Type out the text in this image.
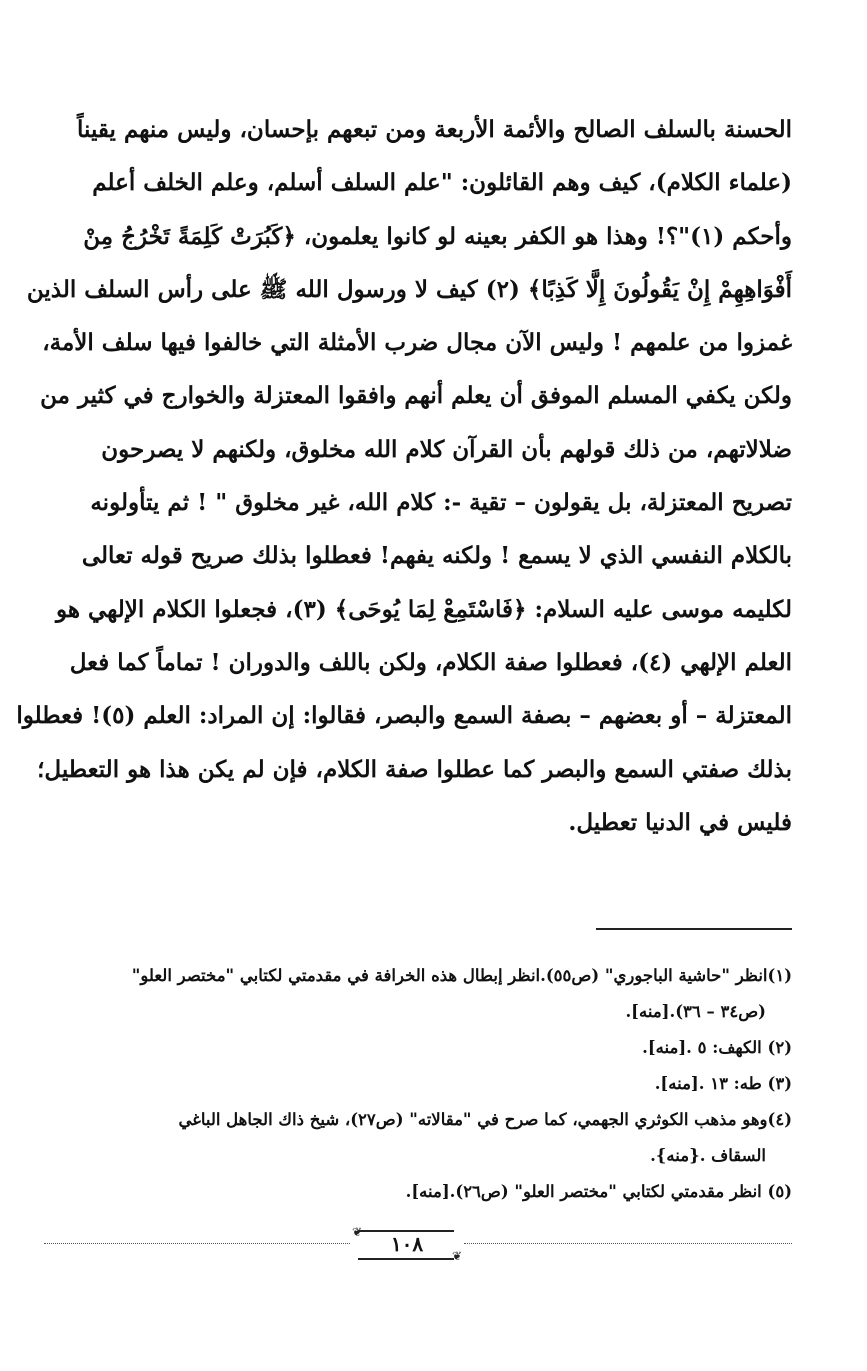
الحسنة بالسلف الصالح والأئمة الأربعة ومن تبعهم بإحسان، وليس منهم يقيناً
(علماء الكلام)، كيف وهم القائلون: "علم السلف أسلم، وعلم الخلف أعلم
وأحكم (١)"؟! وهذا هو الكفر بعينه لو كانوا يعلمون، ﴿كَبُرَتْ كَلِمَةً تَخْرُجُ مِنْ
أَفْوَاهِهِمْ إِنْ يَقُولُونَ إِلَّا كَذِبًا﴾ (٢) كيف لا ورسول الله ﷺ على رأس السلف الذين
غمزوا من علمهم ! وليس الآن مجال ضرب الأمثلة التي خالفوا فيها سلف الأمة،
ولكن يكفي المسلم الموفق أن يعلم أنهم وافقوا المعتزلة والخوارج في كثير من
ضلالاتهم، من ذلك قولهم بأن القرآن كلام الله مخلوق، ولكنهم لا يصرحون
تصريح المعتزلة، بل يقولون – تقية -: كلام الله، غير مخلوق " ! ثم يتأولونه
بالكلام النفسي الذي لا يسمع ! ولكنه يفهم! فعطلوا بذلك صريح قوله تعالى
لكليمه موسى عليه السلام: ﴿فَاسْتَمِعْ لِمَا يُوحَى﴾ (٣)، فجعلوا الكلام الإلهي هو
العلم الإلهي (٤)، فعطلوا صفة الكلام، ولكن باللف والدوران ! تماماً كما فعل
المعتزلة – أو بعضهم – بصفة السمع والبصر، فقالوا: إن المراد: العلم (٥)! فعطلوا
بذلك صفتي السمع والبصر كما عطلوا صفة الكلام، فإن لم يكن هذا هو التعطيل؛
فليس في الدنيا تعطيل.
(١)انظر "حاشية الباجوري" (ص٥٥).انظر إبطال هذه الخرافة في مقدمتي لكتابي "مختصر العلو"
(ص٣٤ – ٣٦).[منه].
(٢) الكهف: ٥ .[منه].
(٣) طه: ١٣ .[منه].
(٤)وهو مذهب الكوثري الجهمي، كما صرح في "مقالاته" (ص٢٧)، شيخ ذاك الجاهل الباغي
السقاف .{منه}.
(٥) انظر مقدمتي لكتابي "مختصر العلو" (ص٢٦).[منه].
❦
❦
١٠٨
